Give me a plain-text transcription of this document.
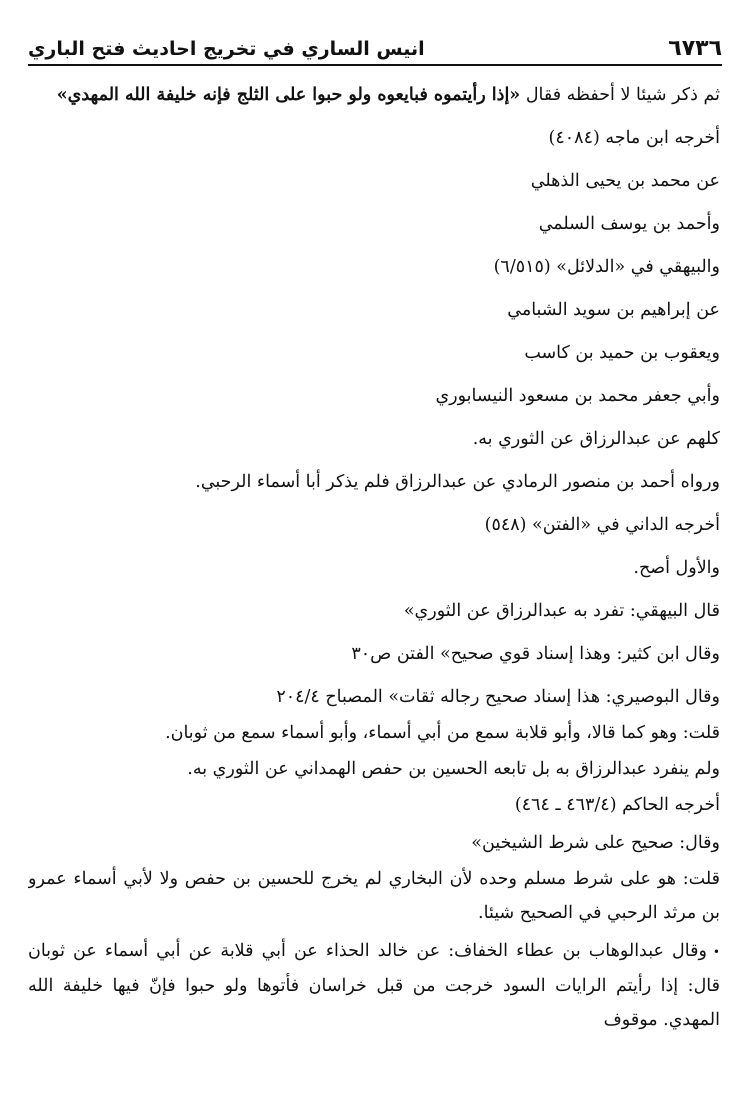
٦٧٣٦
انيس الساري في تخريج احاديث فتح الباري

ثم ذكر شيئا لا أحفظه فقال «إذا رأيتموه فبايعوه ولو حبوا على الثلج فإنه خليفة الله المهدي»

أخرجه ابن ماجه (٤٠٨٤)

عن محمد بن يحيى الذهلي

وأحمد بن يوسف السلمي

والبيهقي في «الدلائل» (٦/٥١٥)

عن إبراهيم بن سويد الشبامي

ويعقوب بن حميد بن كاسب

وأبي جعفر محمد بن مسعود النيسابوري

كلهم عن عبدالرزاق عن الثوري به.

ورواه أحمد بن منصور الرمادي عن عبدالرزاق فلم يذكر أبا أسماء الرحبي.

أخرجه الداني في «الفتن» (٥٤٨)

والأول أصح.

قال البيهقي: تفرد به عبدالرزاق عن الثوري»

وقال ابن كثير: وهذا إسناد قوي صحيح» الفتن ص٣٠

وقال البوصيري: هذا إسناد صحيح رجاله ثقات» المصباح ٢٠٤/٤

قلت: وهو كما قالا، وأبو قلابة سمع من أبي أسماء، وأبو أسماء سمع من ثوبان.

ولم ينفرد عبدالرزاق به بل تابعه الحسين بن حفص الهمداني عن الثوري به.

أخرجه الحاكم (٤٦٣/٤ ـ ٤٦٤)

وقال: صحيح على شرط الشيخين»

قلت: هو على شرط مسلم وحده لأن البخاري لم يخرج للحسين بن حفص ولا لأبي أسماء عمرو بن مرثد الرحبي في الصحيح شيئا.

•وقال عبدالوهاب بن عطاء الخفاف: عن خالد الحذاء عن أبي قلابة عن أبي أسماء عن ثوبان قال: إذا رأيتم الرايات السود خرجت من قبل خراسان فأتوها ولو حبوا فإنّ فيها خليفة الله المهدي. موقوف
